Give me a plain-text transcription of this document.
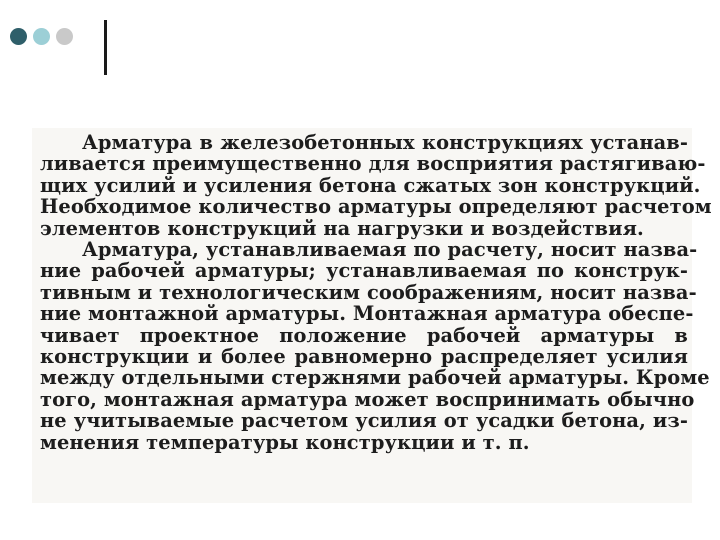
Арматура в железобетонных конструкциях устанав-
ливается преимущественно для восприятия растягиваю-
щих усилий и усиления бетона сжатых зон конструкций.
Необходимое количество арматуры определяют расчетом
элементов конструкций на нагрузки и воздействия.
Арматура, устанавливаемая по расчету, носит назва-
ние рабочей арматуры; устанавливаемая по конструк-
тивным и технологическим соображениям, носит назва-
ние монтажной арматуры. Монтажная арматура обеспе-
чивает проектное положение рабочей арматуры в
конструкции и более равномерно распределяет усилия
между отдельными стержнями рабочей арматуры. Кроме
того, монтажная арматура может воспринимать обычно
не учитываемые расчетом усилия от усадки бетона, из-
менения температуры конструкции и т. п.
